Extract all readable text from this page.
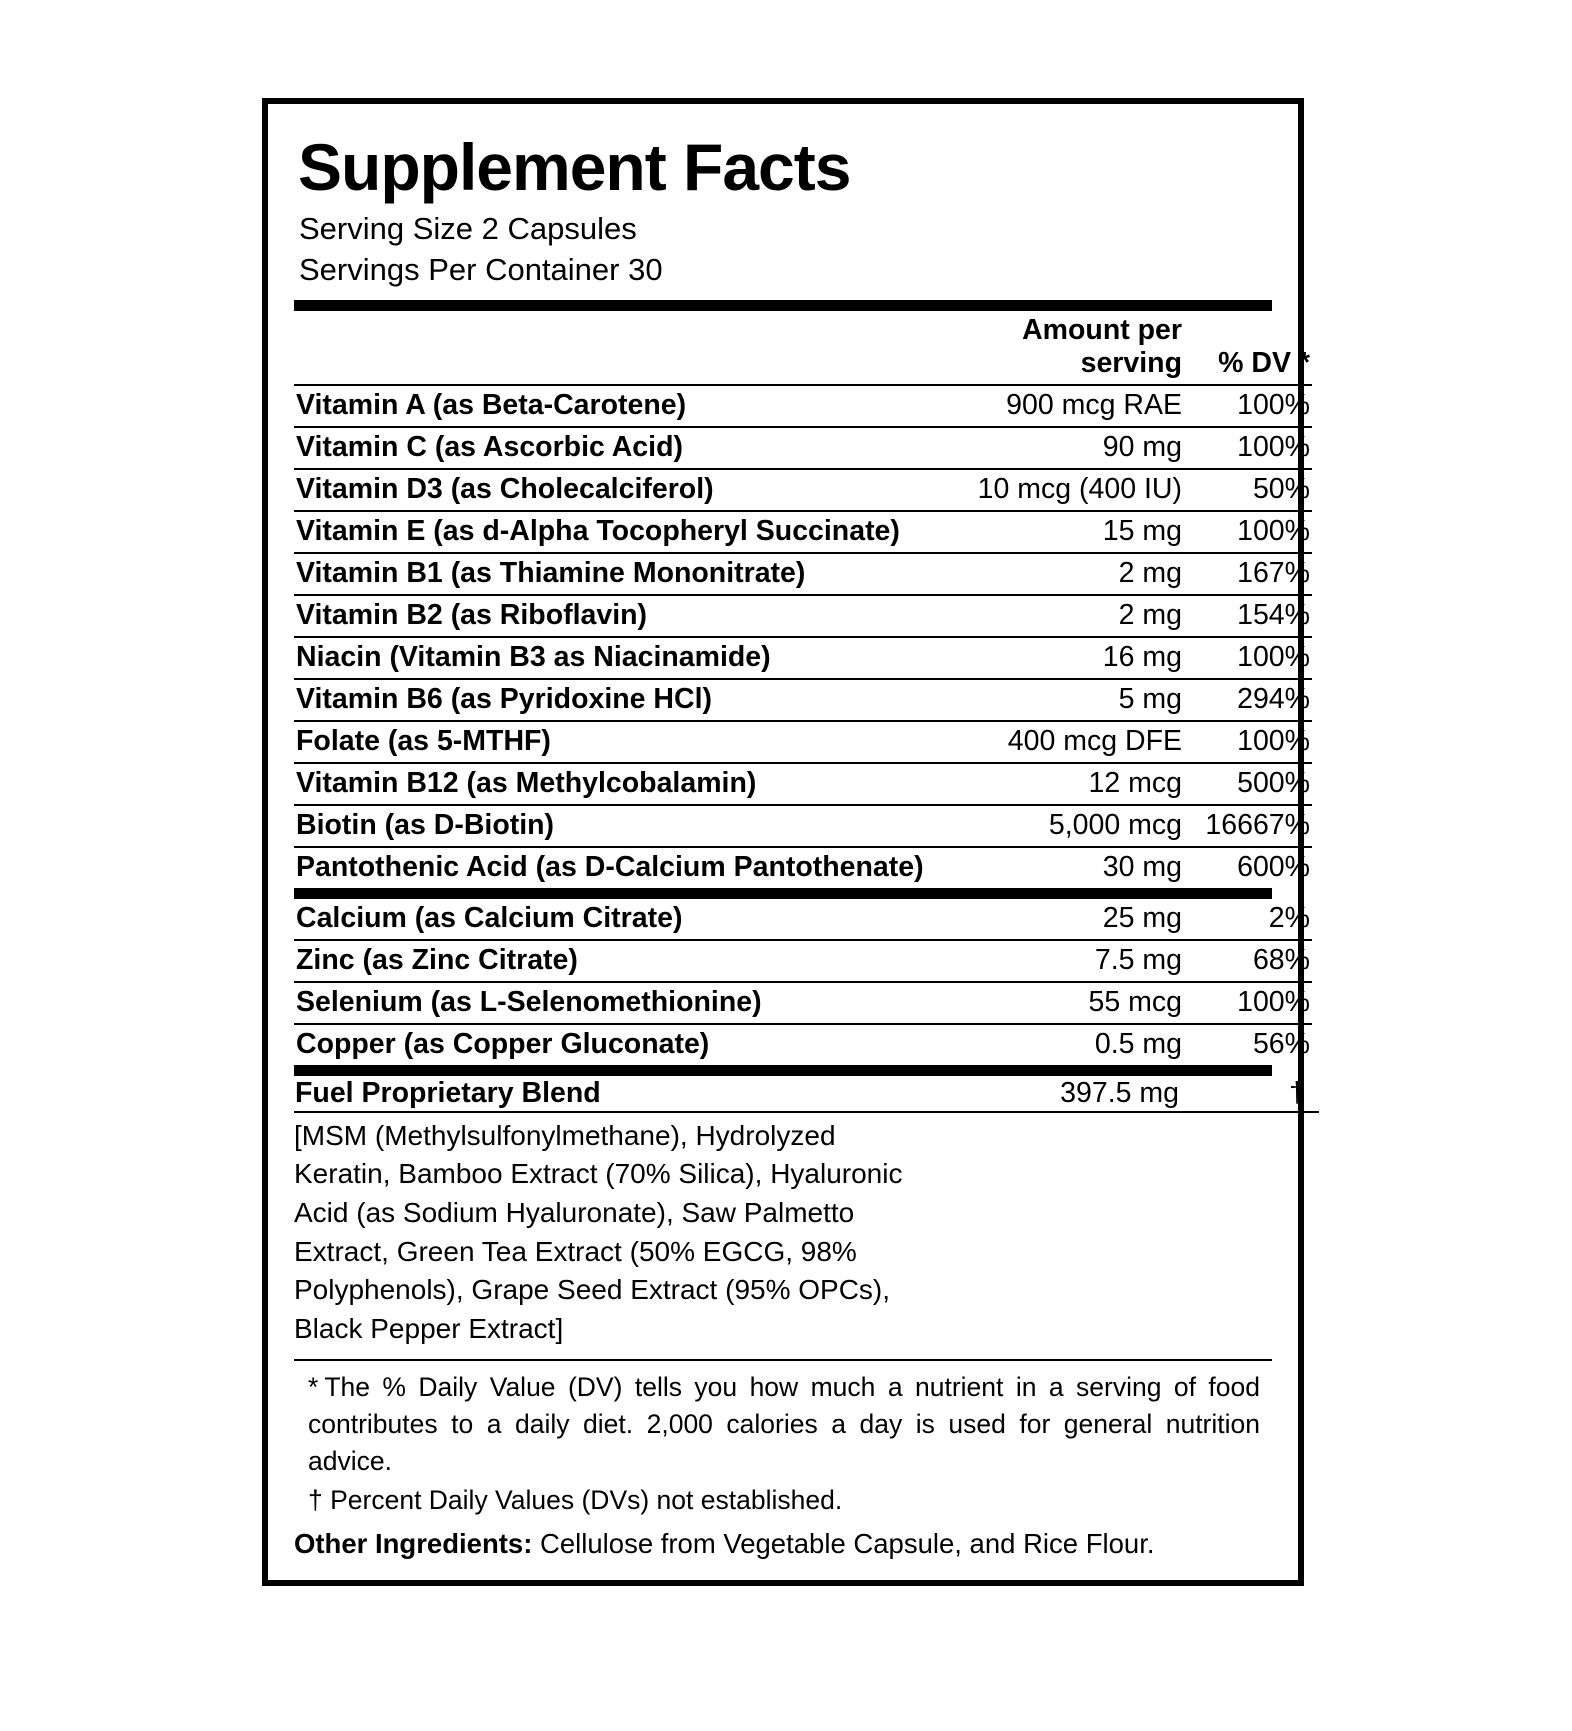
Supplement Facts
Serving Size 2 Capsules
Servings Per Container 30
	Amount per serving	% DV *
Vitamin A (as Beta-Carotene)	900 mcg RAE	100%
Vitamin C (as Ascorbic Acid)	90 mg	100%
Vitamin D3 (as Cholecalciferol)	10 mcg (400 IU)	50%
Vitamin E (as d-Alpha Tocopheryl Succinate)	15 mg	100%
Vitamin B1 (as Thiamine Mononitrate)	2 mg	167%
Vitamin B2 (as Riboflavin)	2 mg	154%
Niacin (Vitamin B3 as Niacinamide)	16 mg	100%
Vitamin B6 (as Pyridoxine HCl)	5 mg	294%
Folate (as 5-MTHF)	400 mcg DFE	100%
Vitamin B12 (as Methylcobalamin)	12 mcg	500%
Biotin (as D-Biotin)	5,000 mcg	16667%
Pantothenic Acid (as D-Calcium Pantothenate)	30 mg	600%
Calcium (as Calcium Citrate)	25 mg	2%
Zinc (as Zinc Citrate)	7.5 mg	68%
Selenium (as L-Selenomethionine)	55 mcg	100%
Copper (as Copper Gluconate)	0.5 mg	56%
Fuel Proprietary Blend	397.5 mg	†
[MSM (Methylsulfonylmethane), Hydrolyzed Keratin, Bamboo Extract (70% Silica), Hyaluronic Acid (as Sodium Hyaluronate), Saw Palmetto Extract, Green Tea Extract (50% EGCG, 98% Polyphenols), Grape Seed Extract (95% OPCs), Black Pepper Extract]
* The % Daily Value (DV) tells you how much a nutrient in a serving of food contributes to a daily diet. 2,000 calories a day is used for general nutrition advice.
† Percent Daily Values (DVs) not established.
Other Ingredients: Cellulose from Vegetable Capsule, and Rice Flour.
